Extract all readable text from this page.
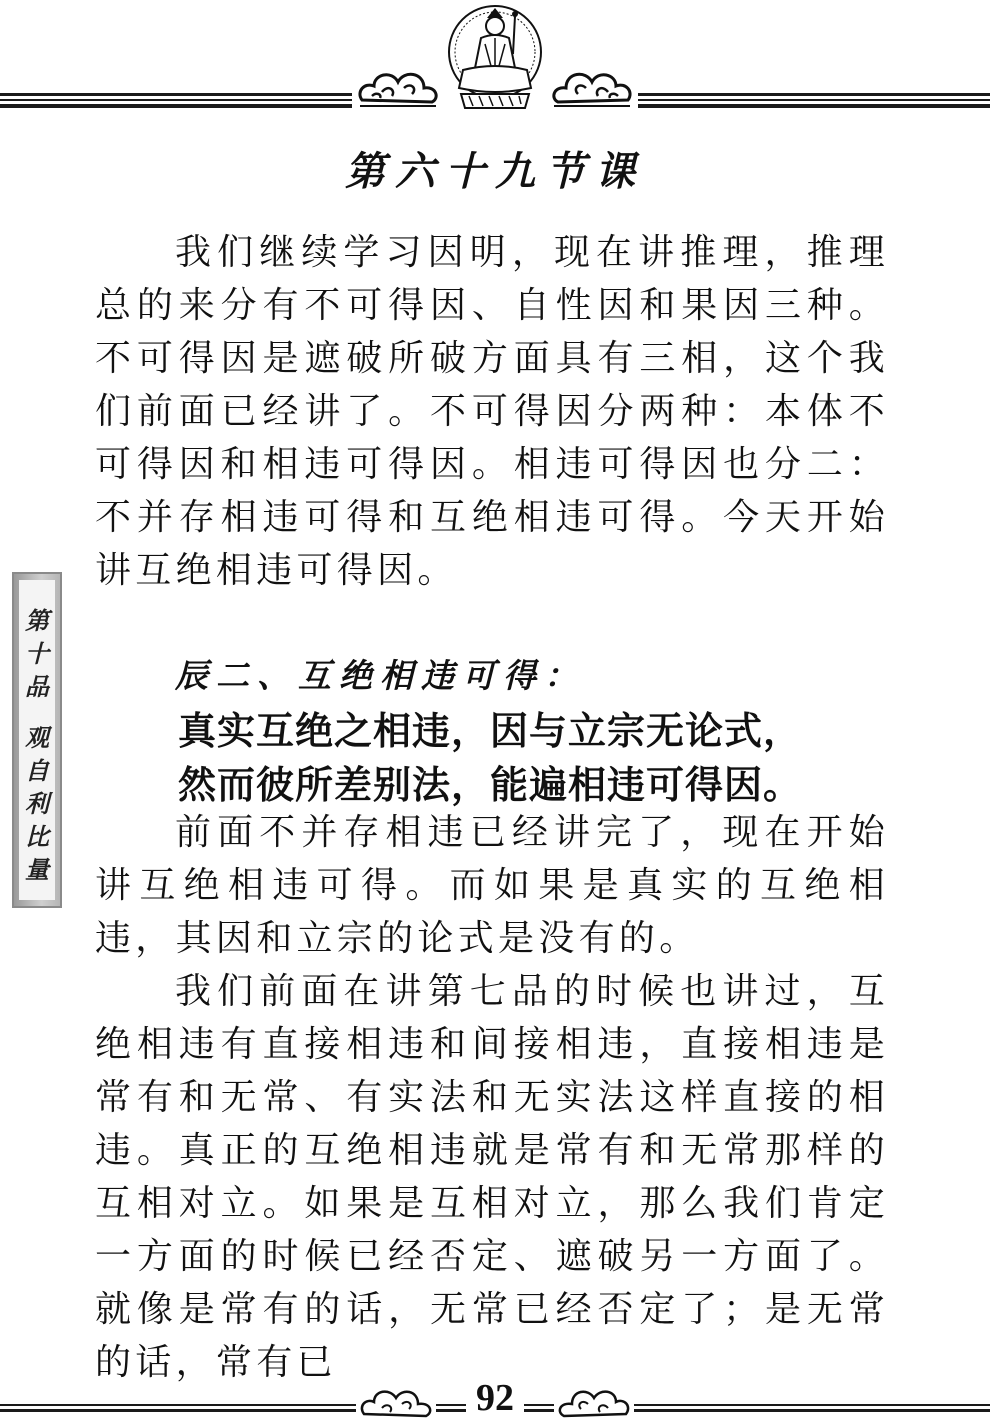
第六十九节课
第
十
品
观
自
利
比
量

我们继续学习因明，现在讲推理，推理总的来分有不可得因、自性因和果因三种。不可得因是遮破所破方面具有三相，这个我们前面已经讲了。不可得因分两种：本体不可得因和相违可得因。相违可得因也分二：不并存相违可得和互绝相违可得。今天开始讲互绝相违可得因。

辰二、互绝相违可得：
真实互绝之相违，因与立宗无论式，
然而彼所差别法，能遍相违可得因。

前面不并存相违已经讲完了，现在开始讲互绝相违可得。而如果是真实的互绝相违，其因和立宗的论式是没有的。

我们前面在讲第七品的时候也讲过，互绝相违有直接相违和间接相违，直接相违是常有和无常、有实法和无实法这样直接的相违。真正的互绝相违就是常有和无常那样的互相对立。如果是互相对立，那么我们肯定一方面的时候已经否定、遮破另一方面了。就像是常有的话，无常已经否定了；是无常的话，常有已

92
